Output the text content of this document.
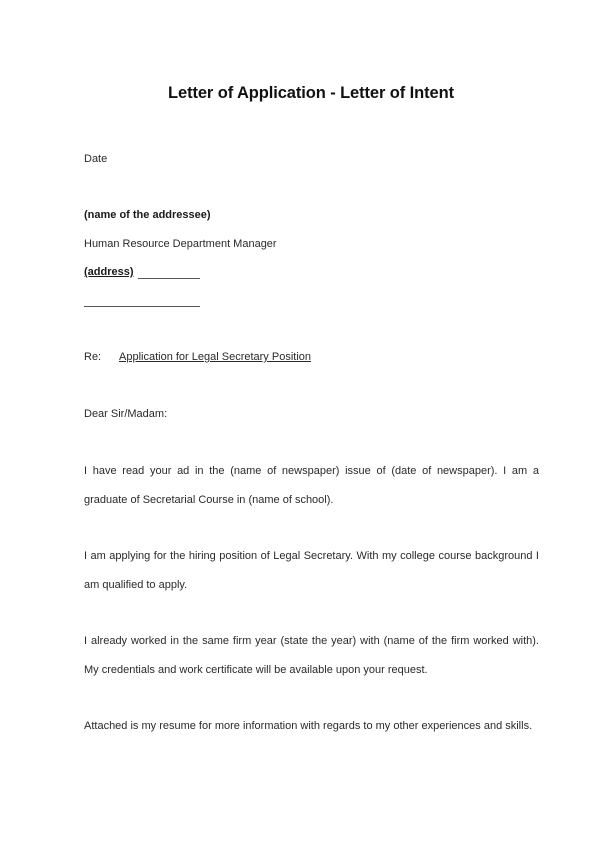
Letter of Application - Letter of Intent
Date
(name of the addressee)
Human Resource Department Manager
(address)
Re: Application for Legal Secretary Position
Dear Sir/Madam:
I have read your ad in the (name of newspaper) issue of (date of newspaper). I am a graduate of Secretarial Course in (name of school).
I am applying for the hiring position of Legal Secretary. With my college course background I am qualified to apply.
I already worked in the same firm year (state the year) with (name of the firm worked with). My credentials and work certificate will be available upon your request.
Attached is my resume for more information with regards to my other experiences and skills.
